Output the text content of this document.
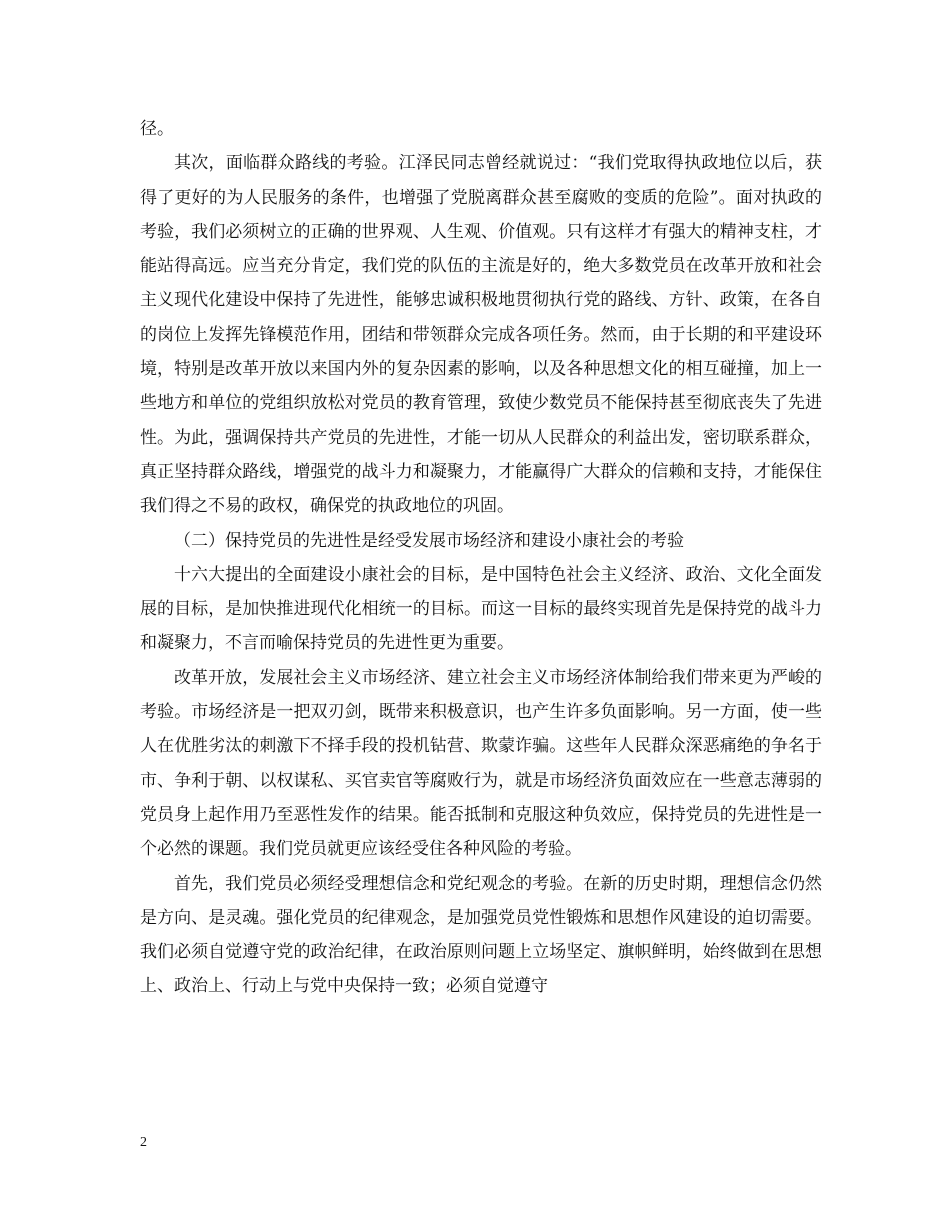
径。

其次，面临群众路线的考验。江泽民同志曾经就说过：“我们党取得执政地位以后，获得了更好的为人民服务的条件，也增强了党脱离群众甚至腐败的变质的危险”。面对执政的考验，我们必须树立的正确的世界观、人生观、价值观。只有这样才有强大的精神支柱，才能站得高远。应当充分肯定，我们党的队伍的主流是好的，绝大多数党员在改革开放和社会主义现代化建设中保持了先进性，能够忠诚积极地贯彻执行党的路线、方针、政策，在各自的岗位上发挥先锋模范作用，团结和带领群众完成各项任务。然而，由于长期的和平建设环境，特别是改革开放以来国内外的复杂因素的影响，以及各种思想文化的相互碰撞，加上一些地方和单位的党组织放松对党员的教育管理，致使少数党员不能保持甚至彻底丧失了先进性。为此，强调保持共产党员的先进性，才能一切从人民群众的利益出发，密切联系群众，真正坚持群众路线，增强党的战斗力和凝聚力，才能赢得广大群众的信赖和支持，才能保住我们得之不易的政权，确保党的执政地位的巩固。

（二）保持党员的先进性是经受发展市场经济和建设小康社会的考验

十六大提出的全面建设小康社会的目标，是中国特色社会主义经济、政治、文化全面发展的目标，是加快推进现代化相统一的目标。而这一目标的最终实现首先是保持党的战斗力和凝聚力，不言而喻保持党员的先进性更为重要。

改革开放，发展社会主义市场经济、建立社会主义市场经济体制给我们带来更为严峻的考验。市场经济是一把双刃剑，既带来积极意识，也产生许多负面影响。另一方面，使一些人在优胜劣汰的刺激下不择手段的投机钻营、欺蒙诈骗。这些年人民群众深恶痛绝的争名于市、争利于朝、以权谋私、买官卖官等腐败行为，就是市场经济负面效应在一些意志薄弱的党员身上起作用乃至恶性发作的结果。能否抵制和克服这种负效应，保持党员的先进性是一个必然的课题。我们党员就更应该经受住各种风险的考验。

首先，我们党员必须经受理想信念和党纪观念的考验。在新的历史时期，理想信念仍然是方向、是灵魂。强化党员的纪律观念，是加强党员党性锻炼和思想作风建设的迫切需要。我们必须自觉遵守党的政治纪律，在政治原则问题上立场坚定、旗帜鲜明，始终做到在思想上、政治上、行动上与党中央保持一致；必须自觉遵守

2
